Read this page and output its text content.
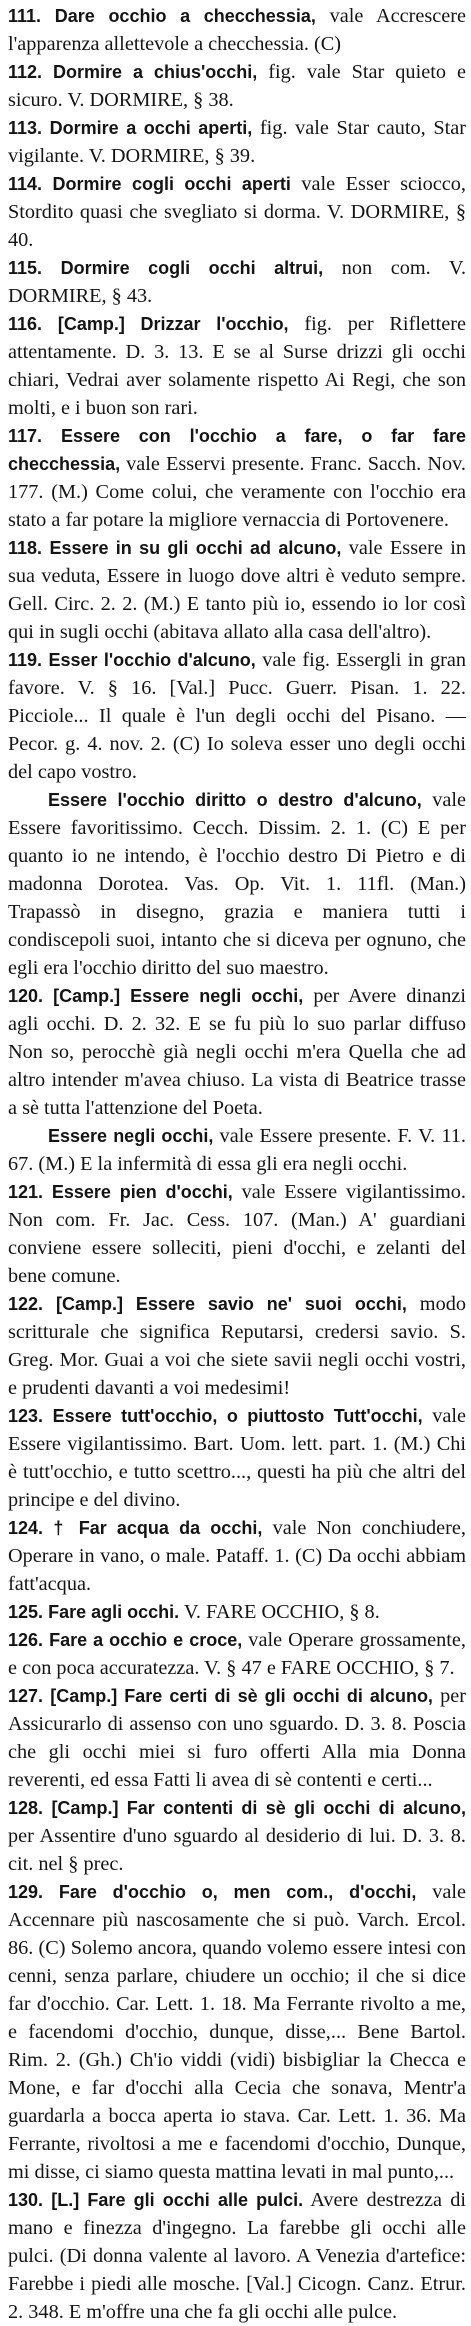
111. Dare occhio a checchessia, vale Accrescere l'apparenza allettevole a checchessia. (C)

112. Dormire a chius'occhi, fig. vale Star quieto e sicuro. V. DORMIRE, § 38.

113. Dormire a occhi aperti, fig. vale Star cauto, Star vigilante. V. DORMIRE, § 39.

114. Dormire cogli occhi aperti vale Esser sciocco, Stordito quasi che svegliato si dorma. V. DORMIRE, § 40.

115. Dormire cogli occhi altrui, non com. V. DORMIRE, § 43.

116. [Camp.] Drizzar l'occhio, fig. per Riflettere attentamente. D. 3. 13. E se al Surse drizzi gli occhi chiari, Vedrai aver solamente rispetto Ai Regi, che son molti, e i buon son rari.

117. Essere con l'occhio a fare, o far fare checchessia, vale Esservi presente. Franc. Sacch. Nov. 177. (M.) Come colui, che veramente con l'occhio era stato a far potare la migliore vernaccia di Portovenere.

118. Essere in su gli occhi ad alcuno, vale Essere in sua veduta, Essere in luogo dove altri è veduto sempre. Gell. Circ. 2. 2. (M.) E tanto più io, essendo io lor così qui in sugli occhi (abitava allato alla casa dell'altro).

119. Esser l'occhio d'alcuno, vale fig. Essergli in gran favore. V. § 16. [Val.] Pucc. Guerr. Pisan. 1. 22. Picciole... Il quale è l'un degli occhi del Pisano. — Pecor. g. 4. nov. 2. (C) Io soleva esser uno degli occhi del capo vostro.

Essere l'occhio diritto o destro d'alcuno, vale Essere favoritissimo. Cecch. Dissim. 2. 1. (C) E per quanto io ne intendo, è l'occhio destro Di Pietro e di madonna Dorotea. Vas. Op. Vit. 1. 11fl. (Man.) Trapassò in disegno, grazia e maniera tutti i condiscepoli suoi, intanto che si diceva per ognuno, che egli era l'occhio diritto del suo maestro.

120. [Camp.] Essere negli occhi, per Avere dinanzi agli occhi. D. 2. 32. E se fu più lo suo parlar diffuso Non so, perocchè già negli occhi m'era Quella che ad altro intender m'avea chiuso. La vista di Beatrice trasse a sè tutta l'attenzione del Poeta.

Essere negli occhi, vale Essere presente. F. V. 11. 67. (M.) E la infermità di essa gli era negli occhi.

121. Essere pien d'occhi, vale Essere vigilantissimo. Non com. Fr. Jac. Cess. 107. (Man.) A' guardiani conviene essere solleciti, pieni d'occhi, e zelanti del bene comune.

122. [Camp.] Essere savio ne' suoi occhi, modo scritturale che significa Reputarsi, credersi savio. S. Greg. Mor. Guai a voi che siete savii negli occhi vostri, e prudenti davanti a voi medesimi!

123. Essere tutt'occhio, o piuttosto Tutt'occhi, vale Essere vigilantissimo. Bart. Uom. lett. part. 1. (M.) Chi è tutt'occhio, e tutto scettro..., questi ha più che altri del principe e del divino.

124. † Far acqua da occhi, vale Non conchiudere, Operare in vano, o male. Pataff. 1. (C) Da occhi abbiam fatt'acqua.

125. Fare agli occhi. V. FARE OCCHIO, § 8.

126. Fare a occhio e croce, vale Operare grossamente, e con poca accuratezza. V. § 47 e FARE OCCHIO, § 7.

127. [Camp.] Fare certi di sè gli occhi di alcuno, per Assicurarlo di assenso con uno sguardo. D. 3. 8. Poscia che gli occhi miei si furo offerti Alla mia Donna reverenti, ed essa Fatti li avea di sè contenti e certi...

128. [Camp.] Far contenti di sè gli occhi di alcuno, per Assentire d'uno sguardo al desiderio di lui. D. 3. 8. cit. nel § prec.

129. Fare d'occhio o, men com., d'occhi, vale Accennare più nascosamente che si può. Varch. Ercol. 86. (C) Solemo ancora, quando volemo essere intesi con cenni, senza parlare, chiudere un occhio; il che si dice far d'occhio. Car. Lett. 1. 18. Ma Ferrante rivolto a me, e facendomi d'occhio, dunque, disse,... Bene Bartol. Rim. 2. (Gh.) Ch'io viddi (vidi) bisbigliar la Checca e Mone, e far d'occhi alla Cecia che sonava, Mentr'a guardarla a bocca aperta io stava. Car. Lett. 1. 36. Ma Ferrante, rivoltosi a me e facendomi d'occhio, Dunque, mi disse, ci siamo questa mattina levati in mal punto,...

130. [L.] Fare gli occhi alle pulci. Avere destrezza di mano e finezza d'ingegno. La farebbe gli occhi alle pulci. (Di donna valente al lavoro. A Venezia d'artefice: Farebbe i piedi alle mosche. [Val.] Cicogn. Canz. Etrur. 2. 348. E m'offre una che fa gli occhi alle pulce.
